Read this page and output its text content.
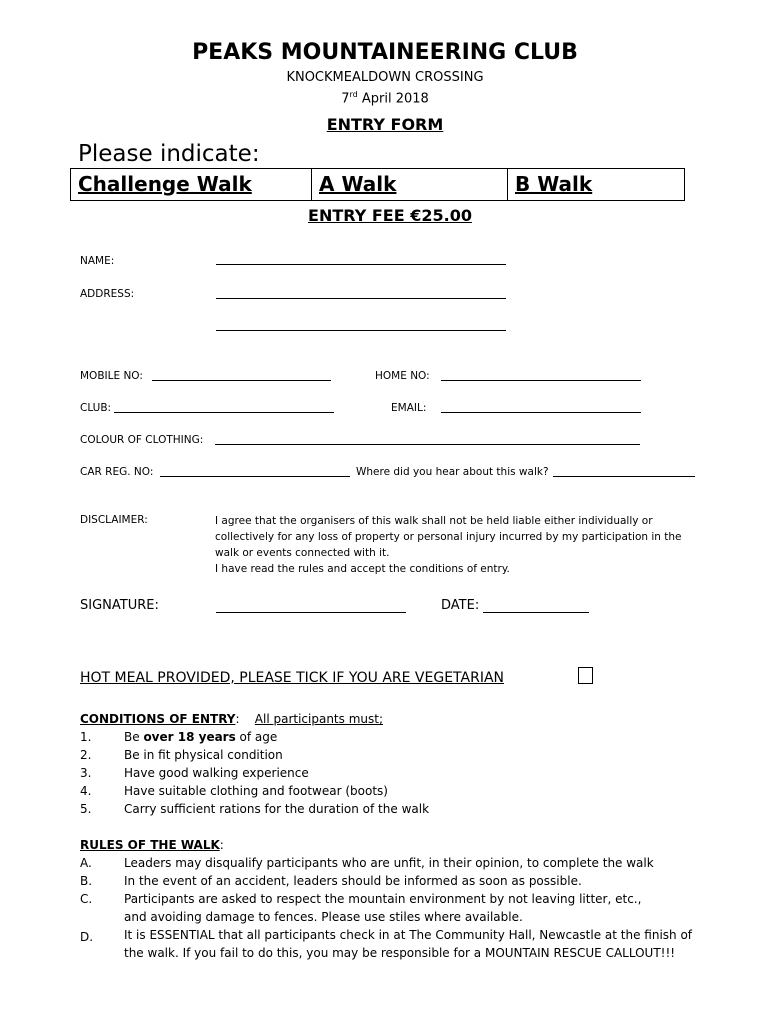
PEAKS MOUNTAINEERING CLUB
KNOCKMEALDOWN CROSSING
7rd April 2018
ENTRY FORM
Please indicate:
Challenge Walk	A Walk	B Walk
ENTRY FEE €25.00
NAME:
ADDRESS:
MOBILE NO:	HOME NO:
CLUB:	EMAIL:
COLOUR OF CLOTHING:
CAR REG. NO:	Where did you hear about this walk?
DISCLAIMER:	I agree that the organisers of this walk shall not be held liable either individually or collectively for any loss of property or personal injury incurred by my participation in the walk or events connected with it.
I have read the rules and accept the conditions of entry.
SIGNATURE:	DATE:
HOT MEAL PROVIDED, PLEASE TICK IF YOU ARE VEGETARIAN
CONDITIONS OF ENTRY:    All participants must;
1.	Be over 18 years of age
2.	Be in fit physical condition
3.	Have good walking experience
4.	Have suitable clothing and footwear (boots)
5.	Carry sufficient rations for the duration of the walk
RULES OF THE WALK:
A.	Leaders may disqualify participants who are unfit, in their opinion, to complete the walk
B.	In the event of an accident, leaders should be informed as soon as possible.
C.	Participants are asked to respect the mountain environment by not leaving litter, etc., and avoiding damage to fences. Please use stiles where available.
D.	It is ESSENTIAL that all participants check in at The Community Hall, Newcastle at the finish of the walk. If you fail to do this, you may be responsible for a MOUNTAIN RESCUE CALLOUT!!!
